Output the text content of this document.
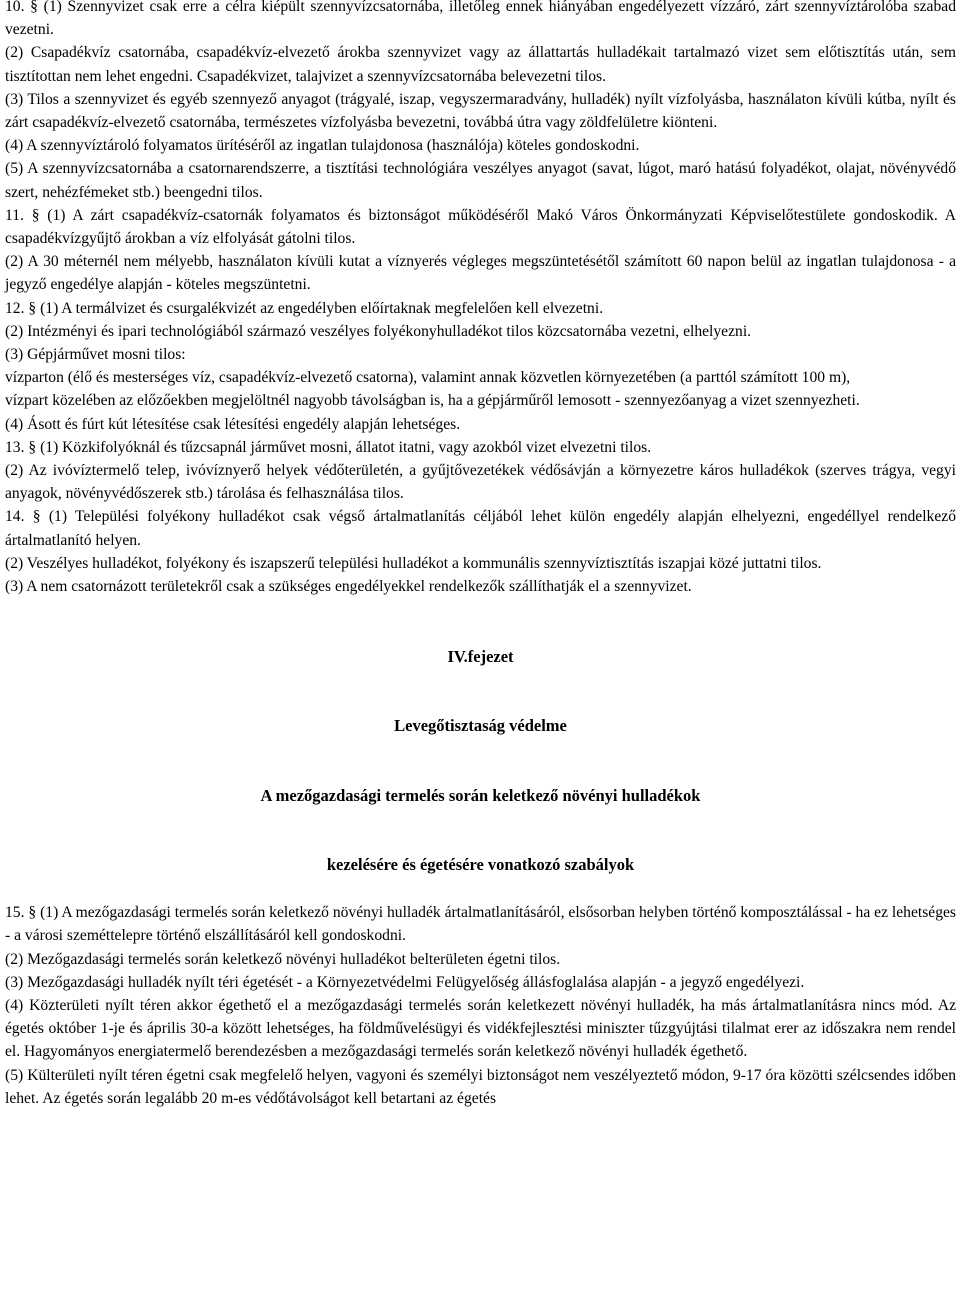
10. § (1) Szennyvizet csak erre a célra kiépült szennyvízcsatornába, illetőleg ennek hiányában engedélyezett vízzáró, zárt szennyvíztárolóba szabad vezetni.

(2) Csapadékvíz csatornába, csapadékvíz-elvezető árokba szennyvizet vagy az állattartás hulladékait tartalmazó vizet sem előtisztítás után, sem tisztítottan nem lehet engedni. Csapadékvizet, talajvizet a szennyvízcsatornába belevezetni tilos.

(3) Tilos a szennyvizet és egyéb szennyező anyagot (trágyalé, iszap, vegyszermaradvány, hulladék) nyílt vízfolyásba, használaton kívüli kútba, nyílt és zárt csapadékvíz-elvezető csatornába, természetes vízfolyásba bevezetni, továbbá útra vagy zöldfelületre kiönteni.

(4) A szennyvíztároló folyamatos ürítéséről az ingatlan tulajdonosa (használója) köteles gondoskodni.

(5) A szennyvízcsatornába a csatornarendszerre, a tisztítási technológiára veszélyes anyagot (savat, lúgot, maró hatású folyadékot, olajat, növényvédő szert, nehézfémeket stb.) beengedni tilos.

11. § (1) A zárt csapadékvíz-csatornák folyamatos és biztonságot működéséről Makó Város Önkormányzati Képviselőtestülete gondoskodik. A csapadékvízgyűjtő árokban a víz elfolyását gátolni tilos.

(2) A 30 méternél nem mélyebb, használaton kívüli kutat a víznyerés végleges megszüntetésétől számított 60 napon belül az ingatlan tulajdonosa - a jegyző engedélye alapján - köteles megszüntetni.

12. § (1) A termálvizet és csurgalékvizét az engedélyben előírtaknak megfelelően kell elvezetni.

(2) Intézményi és ipari technológiából származó veszélyes folyékonyhulladékot tilos közcsatornába vezetni, elhelyezni.

(3) Gépjárművet mosni tilos:

vízparton (élő és mesterséges víz, csapadékvíz-elvezető csatorna), valamint annak közvetlen környezetében (a parttól számított 100 m),

vízpart közelében az előzőekben megjelöltnél nagyobb távolságban is, ha a gépjárműről lemosott - szennyezőanyag a vizet szennyezheti.

(4) Ásott és fúrt kút létesítése csak létesítési engedély alapján lehetséges.

13. § (1) Közkifolyóknál és tűzcsapnál járművet mosni, állatot itatni, vagy azokból vizet elvezetni tilos.

(2) Az ivóvíztermelő telep, ivóvíznyerő helyek védőterületén, a gyűjtővezetékek védősávján a környezetre káros hulladékok (szerves trágya, vegyi anyagok, növényvédőszerek stb.) tárolása és felhasználása tilos.

14. § (1) Települési folyékony hulladékot csak végső ártalmatlanítás céljából lehet külön engedély alapján elhelyezni, engedéllyel rendelkező ártalmatlanító helyen.

(2) Veszélyes hulladékot, folyékony és iszapszerű települési hulladékot a kommunális szennyvíztisztítás iszapjai közé juttatni tilos.

(3) A nem csatornázott területekről csak a szükséges engedélyekkel rendelkezők szállíthatják el a szennyvizet.

IV.fejezet

Levegőtisztaság védelme

A mezőgazdasági termelés során keletkező növényi hulladékok

kezelésére és égetésére vonatkozó szabályok

15. § (1) A mezőgazdasági termelés során keletkező növényi hulladék ártalmatlanításáról, elsősorban helyben történő komposztálással - ha ez lehetséges - a városi szeméttelepre történő elszállításáról kell gondoskodni.

(2) Mezőgazdasági termelés során keletkező növényi hulladékot belterületen égetni tilos.

(3) Mezőgazdasági hulladék nyílt téri égetését - a Környezetvédelmi Felügyelőség állásfoglalása alapján - a jegyző engedélyezi.

(4) Közterületi nyílt téren akkor égethető el a mezőgazdasági termelés során keletkezett növényi hulladék, ha más ártalmatlanításra nincs mód. Az égetés október 1-je és április 30-a között lehetséges, ha földművelésügyi és vidékfejlesztési miniszter tűzgyújtási tilalmat erer az időszakra nem rendel el. Hagyományos energiatermelő berendezésben a mezőgazdasági termelés során keletkező növényi hulladék égethető.

(5) Külterületi nyílt téren égetni csak megfelelő helyen, vagyoni és személyi biztonságot nem veszélyeztető módon, 9-17 óra közötti szélcsendes időben lehet. Az égetés során legalább 20 m-es védőtávolságot kell betartani az égetés
